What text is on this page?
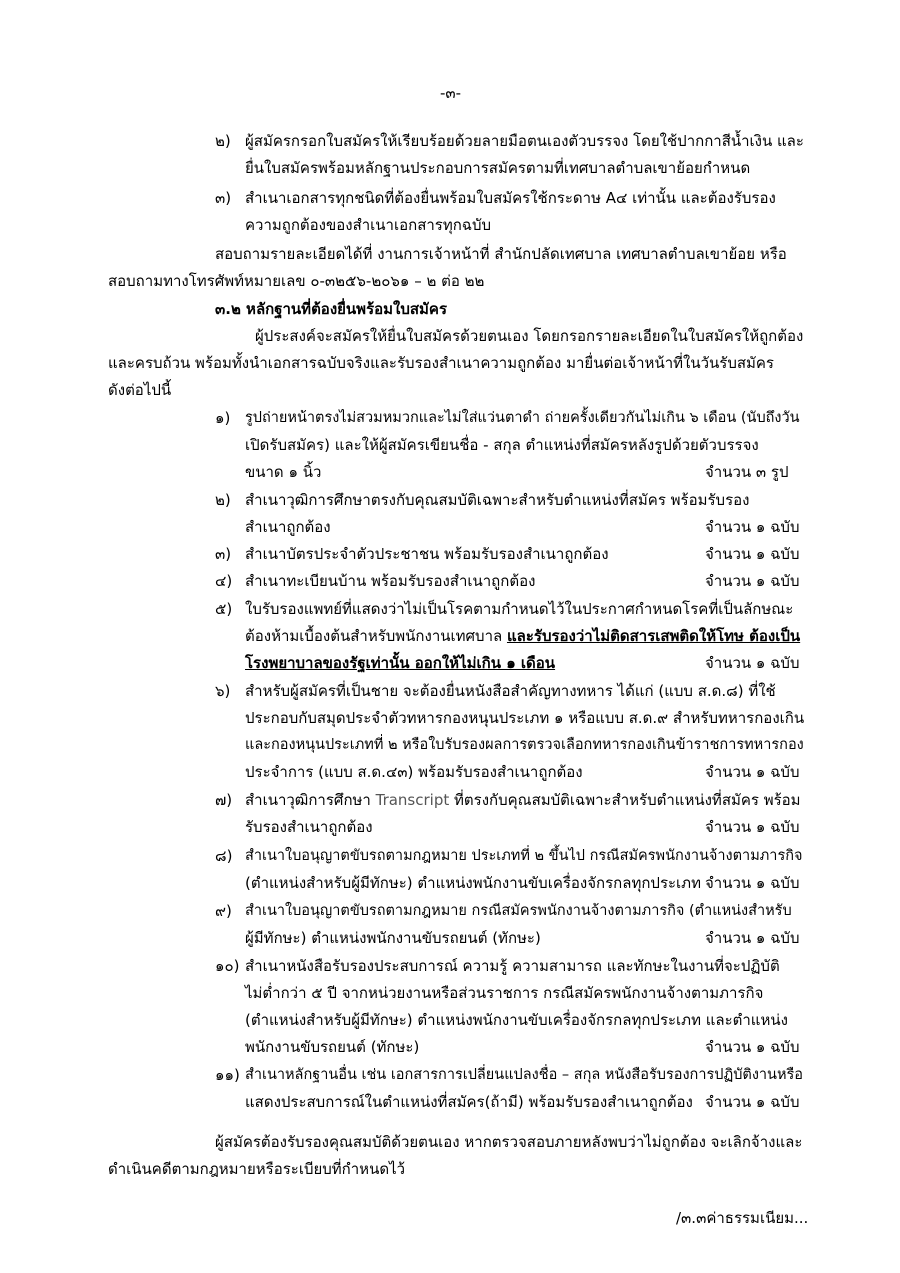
-๓-
๒) ผู้สมัครกรอกใบสมัครให้เรียบร้อยด้วยลายมือตนเองตัวบรรจง โดยใช้ปากกาสีน้ำเงิน และ
ยื่นใบสมัครพร้อมหลักฐานประกอบการสมัครตามที่เทศบาลตำบลเขาย้อยกำหนด
๓) สำเนาเอกสารทุกชนิดที่ต้องยื่นพร้อมใบสมัครใช้กระดาษ A๔ เท่านั้น และต้องรับรอง
ความถูกต้องของสำเนาเอกสารทุกฉบับ
สอบถามรายละเอียดได้ที่ งานการเจ้าหน้าที่ สำนักปลัดเทศบาล เทศบาลตำบลเขาย้อย หรือ
สอบถามทางโทรศัพท์หมายเลข ๐-๓๒๕๖-๒๐๖๑ – ๒ ต่อ ๒๒
๓.๒ หลักฐานที่ต้องยื่นพร้อมใบสมัคร
ผู้ประสงค์จะสมัครให้ยื่นใบสมัครด้วยตนเอง โดยกรอกรายละเอียดในใบสมัครให้ถูกต้อง
และครบถ้วน พร้อมทั้งนำเอกสารฉบับจริงและรับรองสำเนาความถูกต้อง มายื่นต่อเจ้าหน้าที่ในวันรับสมัคร
ดังต่อไปนี้
๑) รูปถ่ายหน้าตรงไม่สวมหมวกและไม่ใส่แว่นตาดำ ถ่ายครั้งเดียวกันไม่เกิน ๖ เดือน (นับถึงวัน
เปิดรับสมัคร) และให้ผู้สมัครเขียนชื่อ - สกุล ตำแหน่งที่สมัครหลังรูปด้วยตัวบรรจง
ขนาด ๑ นิ้ว	จำนวน ๓ รูป
๒) สำเนาวุฒิการศึกษาตรงกับคุณสมบัติเฉพาะสำหรับตำแหน่งที่สมัคร พร้อมรับรอง
สำเนาถูกต้อง	จำนวน ๑ ฉบับ
๓) สำเนาบัตรประจำตัวประชาชน พร้อมรับรองสำเนาถูกต้อง	จำนวน ๑ ฉบับ
๔) สำเนาทะเบียนบ้าน พร้อมรับรองสำเนาถูกต้อง	จำนวน ๑ ฉบับ
๕) ใบรับรองแพทย์ที่แสดงว่าไม่เป็นโรคตามกำหนดไว้ในประกาศกำหนดโรคที่เป็นลักษณะ
ต้องห้ามเบื้องต้นสำหรับพนักงานเทศบาล และรับรองว่าไม่ติดสารเสพติดให้โทษ ต้องเป็น
โรงพยาบาลของรัฐเท่านั้น ออกให้ไม่เกิน ๑ เดือน	จำนวน ๑ ฉบับ
๖) สำหรับผู้สมัครที่เป็นชาย จะต้องยื่นหนังสือสำคัญทางทหาร ได้แก่ (แบบ ส.ด.๘) ที่ใช้
ประกอบกับสมุดประจำตัวทหารกองหนุนประเภท ๑ หรือแบบ ส.ด.๙ สำหรับทหารกองเกิน
และกองหนุนประเภทที่ ๒ หรือใบรับรองผลการตรวจเลือกทหารกองเกินข้าราชการทหารกอง
ประจำการ (แบบ ส.ด.๔๓) พร้อมรับรองสำเนาถูกต้อง	จำนวน ๑ ฉบับ
๗) สำเนาวุฒิการศึกษา Transcript ที่ตรงกับคุณสมบัติเฉพาะสำหรับตำแหน่งที่สมัคร พร้อม
รับรองสำเนาถูกต้อง	จำนวน ๑ ฉบับ
๘) สำเนาใบอนุญาตขับรถตามกฎหมาย ประเภทที่ ๒ ขึ้นไป กรณีสมัครพนักงานจ้างตามภารกิจ
(ตำแหน่งสำหรับผู้มีทักษะ) ตำแหน่งพนักงานขับเครื่องจักรกลทุกประเภท จำนวน ๑ ฉบับ
๙) สำเนาใบอนุญาตขับรถตามกฎหมาย กรณีสมัครพนักงานจ้างตามภารกิจ (ตำแหน่งสำหรับ
ผู้มีทักษะ) ตำแหน่งพนักงานขับรถยนต์ (ทักษะ)	จำนวน ๑ ฉบับ
๑๐) สำเนาหนังสือรับรองประสบการณ์ ความรู้ ความสามารถ และทักษะในงานที่จะปฏิบัติ
ไม่ต่ำกว่า ๕ ปี จากหน่วยงานหรือส่วนราชการ กรณีสมัครพนักงานจ้างตามภารกิจ
(ตำแหน่งสำหรับผู้มีทักษะ) ตำแหน่งพนักงานขับเครื่องจักรกลทุกประเภท และตำแหน่ง
พนักงานขับรถยนต์ (ทักษะ)	จำนวน ๑ ฉบับ
๑๑) สำเนาหลักฐานอื่น เช่น เอกสารการเปลี่ยนแปลงชื่อ – สกุล หนังสือรับรองการปฏิบัติงานหรือ
แสดงประสบการณ์ในตำแหน่งที่สมัคร(ถ้ามี) พร้อมรับรองสำเนาถูกต้อง จำนวน ๑ ฉบับ
ผู้สมัครต้องรับรองคุณสมบัติด้วยตนเอง หากตรวจสอบภายหลังพบว่าไม่ถูกต้อง จะเลิกจ้างและ
ดำเนินคดีตามกฎหมายหรือระเบียบที่กำหนดไว้
/๓.๓ค่าธรรมเนียม...
